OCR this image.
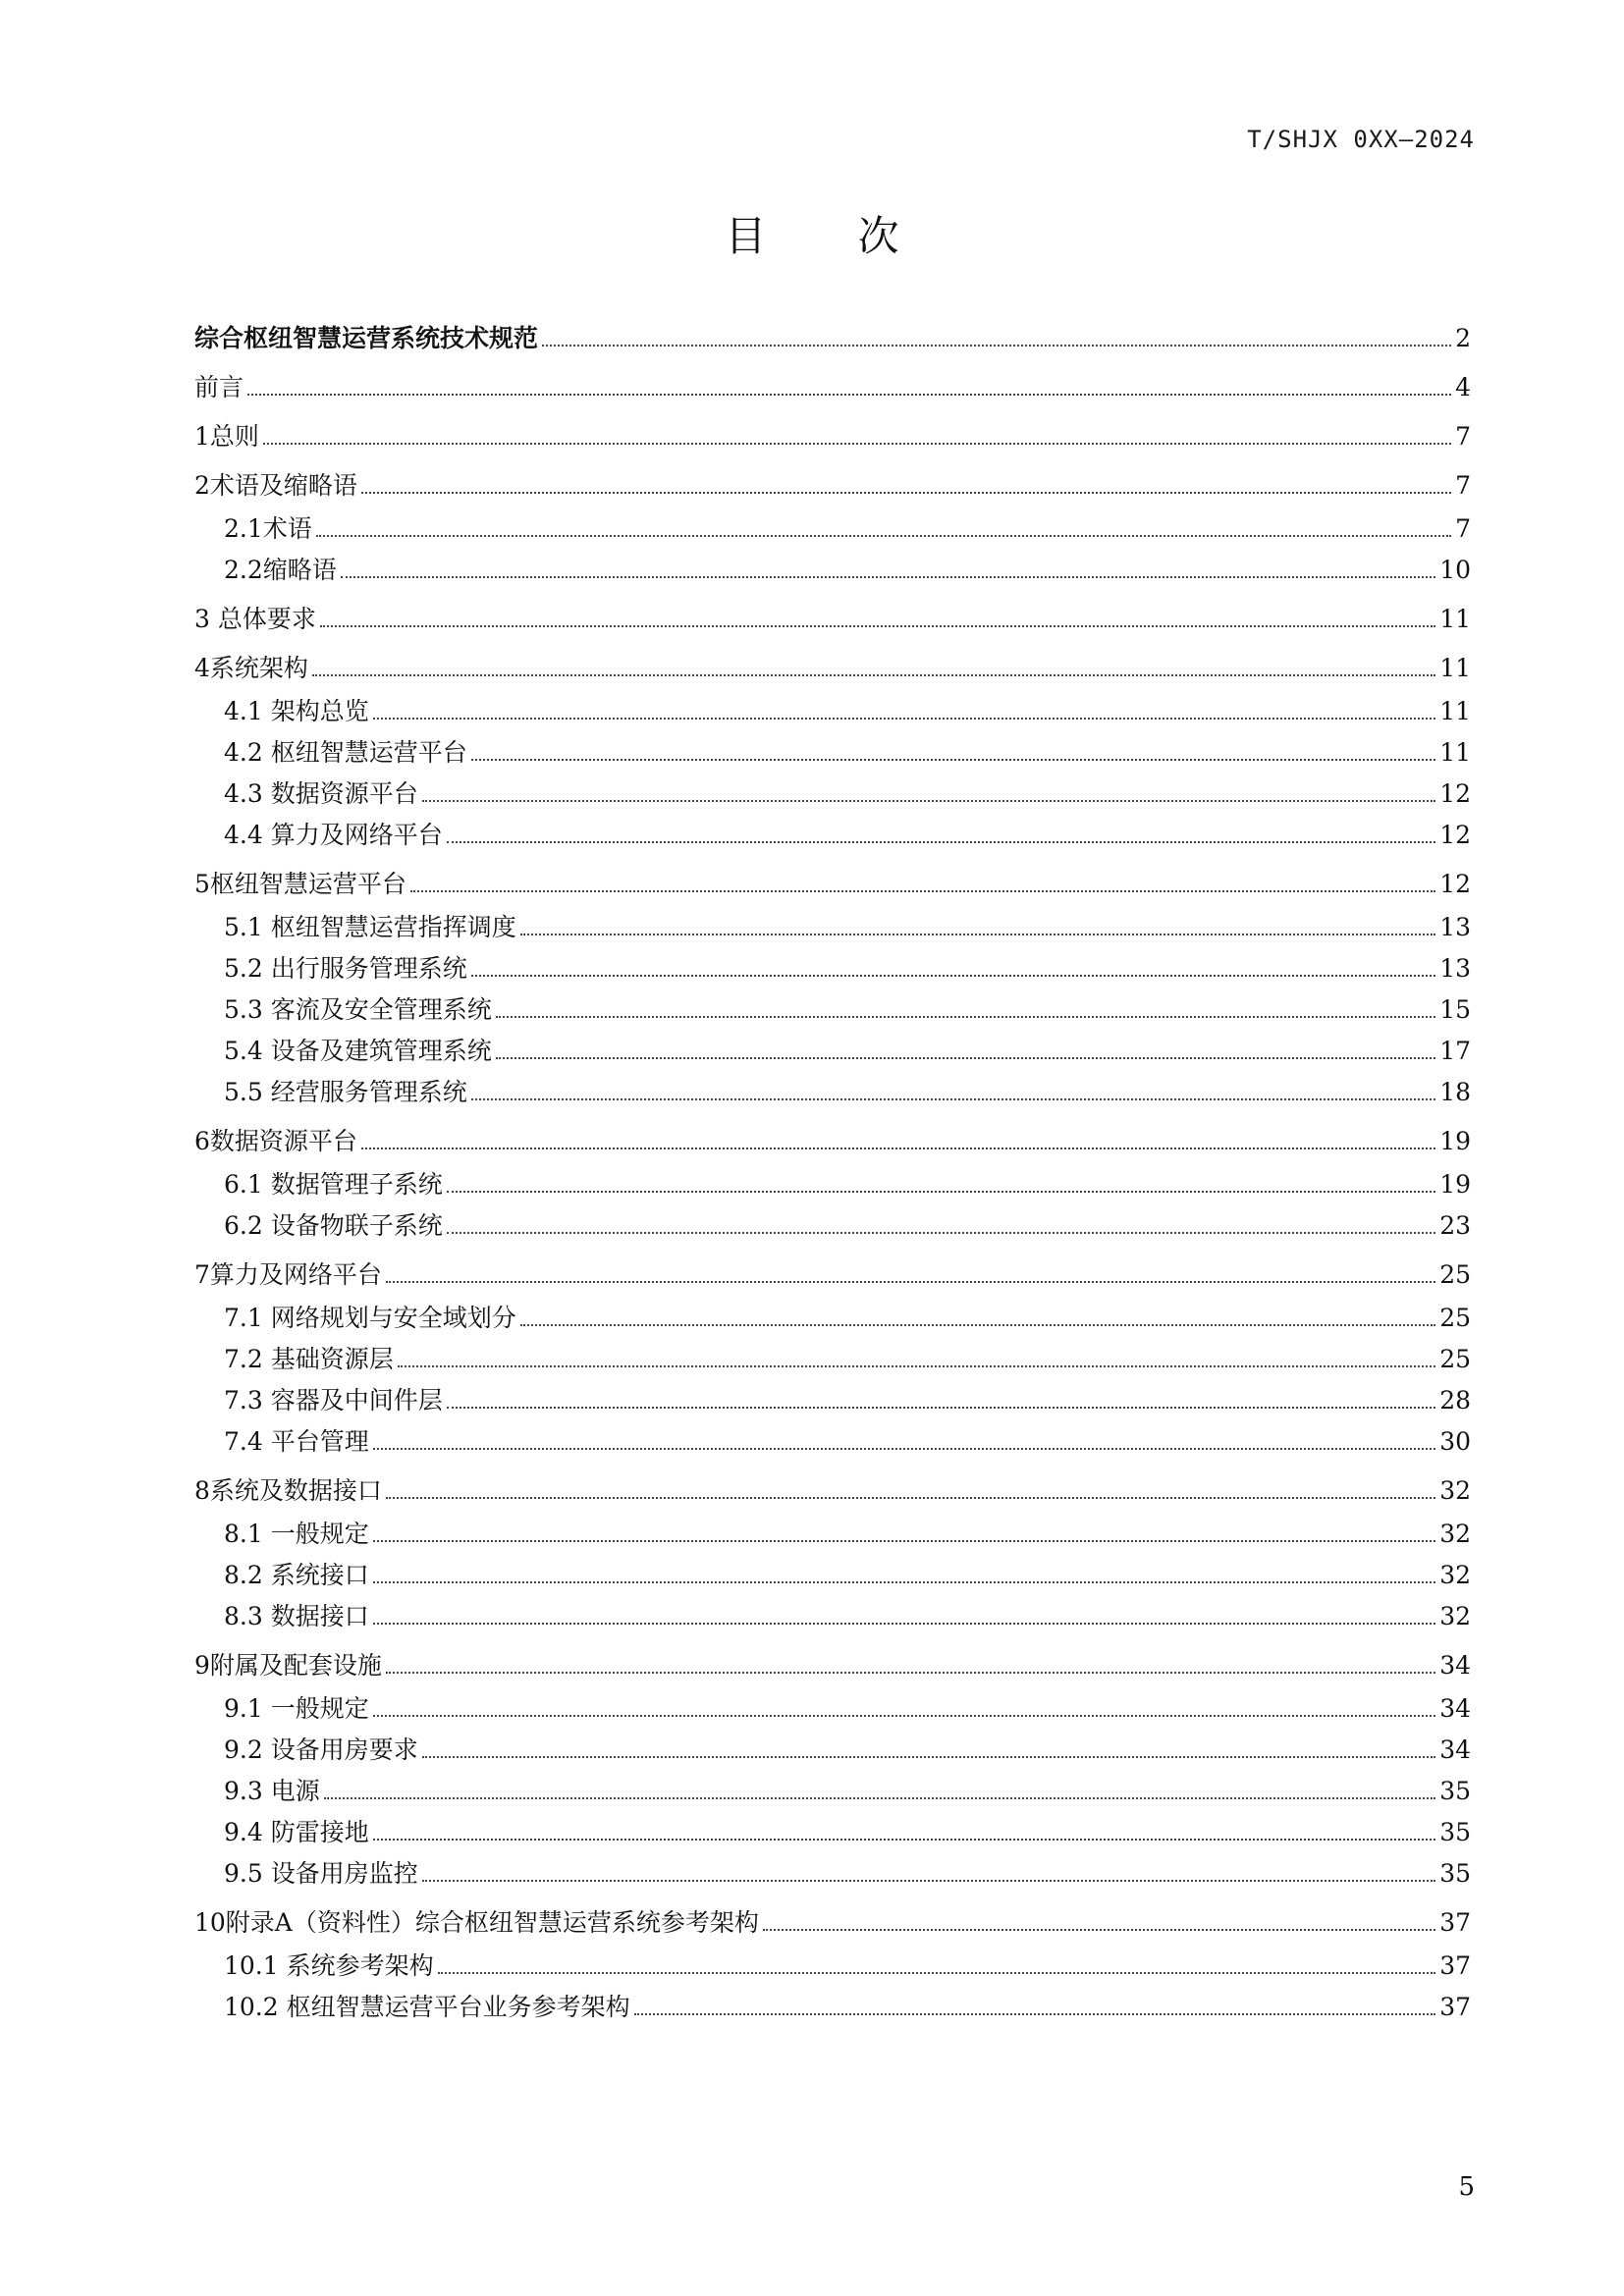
T/SHJX 0XX—2024
目 次
综合枢纽智慧运营系统技术规范	2
前言	4
1总则	7
2术语及缩略语	7
2.1术语	7
2.2缩略语	10
3 总体要求	11
4系统架构	11
4.1 架构总览	11
4.2 枢纽智慧运营平台	11
4.3 数据资源平台	12
4.4 算力及网络平台	12
5枢纽智慧运营平台	12
5.1 枢纽智慧运营指挥调度	13
5.2 出行服务管理系统	13
5.3 客流及安全管理系统	15
5.4 设备及建筑管理系统	17
5.5 经营服务管理系统	18
6数据资源平台	19
6.1 数据管理子系统	19
6.2 设备物联子系统	23
7算力及网络平台	25
7.1 网络规划与安全域划分	25
7.2 基础资源层	25
7.3 容器及中间件层	28
7.4 平台管理	30
8系统及数据接口	32
8.1 一般规定	32
8.2 系统接口	32
8.3 数据接口	32
9附属及配套设施	34
9.1 一般规定	34
9.2 设备用房要求	34
9.3 电源	35
9.4 防雷接地	35
9.5 设备用房监控	35
10附录A（资料性）综合枢纽智慧运营系统参考架构	37
10.1 系统参考架构	37
10.2 枢纽智慧运营平台业务参考架构	37
5
